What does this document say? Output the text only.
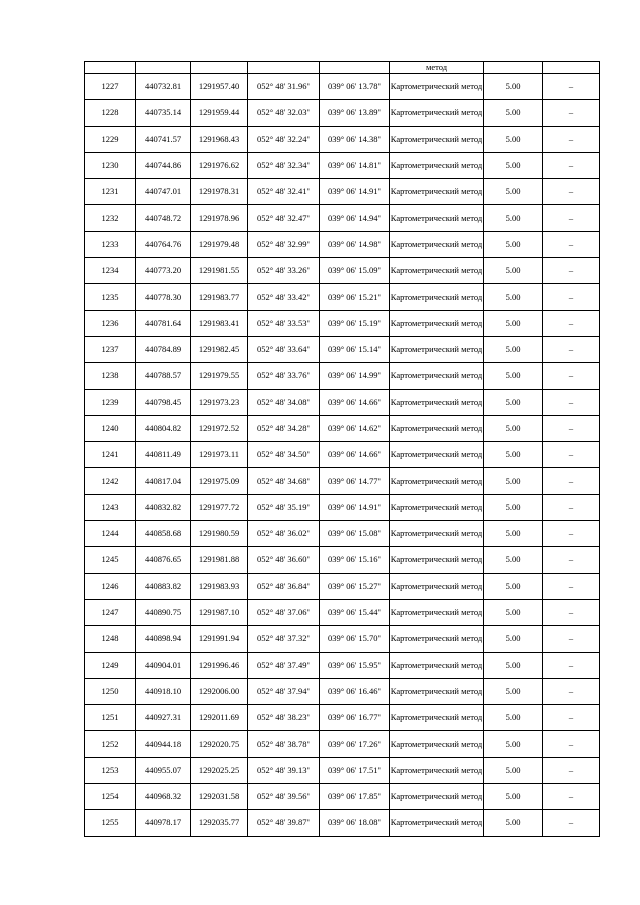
					метод		
1227	440732.81	1291957.40	052° 48' 31.96"	039° 06' 13.78"	Картометрический метод	5.00	–
1228	440735.14	1291959.44	052° 48' 32.03"	039° 06' 13.89"	Картометрический метод	5.00	–
1229	440741.57	1291968.43	052° 48' 32.24"	039° 06' 14.38"	Картометрический метод	5.00	–
1230	440744.86	1291976.62	052° 48' 32.34"	039° 06' 14.81"	Картометрический метод	5.00	–
1231	440747.01	1291978.31	052° 48' 32.41"	039° 06' 14.91"	Картометрический метод	5.00	–
1232	440748.72	1291978.96	052° 48' 32.47"	039° 06' 14.94"	Картометрический метод	5.00	–
1233	440764.76	1291979.48	052° 48' 32.99"	039° 06' 14.98"	Картометрический метод	5.00	–
1234	440773.20	1291981.55	052° 48' 33.26"	039° 06' 15.09"	Картометрический метод	5.00	–
1235	440778.30	1291983.77	052° 48' 33.42"	039° 06' 15.21"	Картометрический метод	5.00	–
1236	440781.64	1291983.41	052° 48' 33.53"	039° 06' 15.19"	Картометрический метод	5.00	–
1237	440784.89	1291982.45	052° 48' 33.64"	039° 06' 15.14"	Картометрический метод	5.00	–
1238	440788.57	1291979.55	052° 48' 33.76"	039° 06' 14.99"	Картометрический метод	5.00	–
1239	440798.45	1291973.23	052° 48' 34.08"	039° 06' 14.66"	Картометрический метод	5.00	–
1240	440804.82	1291972.52	052° 48' 34.28"	039° 06' 14.62"	Картометрический метод	5.00	–
1241	440811.49	1291973.11	052° 48' 34.50"	039° 06' 14.66"	Картометрический метод	5.00	–
1242	440817.04	1291975.09	052° 48' 34.68"	039° 06' 14.77"	Картометрический метод	5.00	–
1243	440832.82	1291977.72	052° 48' 35.19"	039° 06' 14.91"	Картометрический метод	5.00	–
1244	440858.68	1291980.59	052° 48' 36.02"	039° 06' 15.08"	Картометрический метод	5.00	–
1245	440876.65	1291981.88	052° 48' 36.60"	039° 06' 15.16"	Картометрический метод	5.00	–
1246	440883.82	1291983.93	052° 48' 36.84"	039° 06' 15.27"	Картометрический метод	5.00	–
1247	440890.75	1291987.10	052° 48' 37.06"	039° 06' 15.44"	Картометрический метод	5.00	–
1248	440898.94	1291991.94	052° 48' 37.32"	039° 06' 15.70"	Картометрический метод	5.00	–
1249	440904.01	1291996.46	052° 48' 37.49"	039° 06' 15.95"	Картометрический метод	5.00	–
1250	440918.10	1292006.00	052° 48' 37.94"	039° 06' 16.46"	Картометрический метод	5.00	–
1251	440927.31	1292011.69	052° 48' 38.23"	039° 06' 16.77"	Картометрический метод	5.00	–
1252	440944.18	1292020.75	052° 48' 38.78"	039° 06' 17.26"	Картометрический метод	5.00	–
1253	440955.07	1292025.25	052° 48' 39.13"	039° 06' 17.51"	Картометрический метод	5.00	–
1254	440968.32	1292031.58	052° 48' 39.56"	039° 06' 17.85"	Картометрический метод	5.00	–
1255	440978.17	1292035.77	052° 48' 39.87"	039° 06' 18.08"	Картометрический метод	5.00	–
